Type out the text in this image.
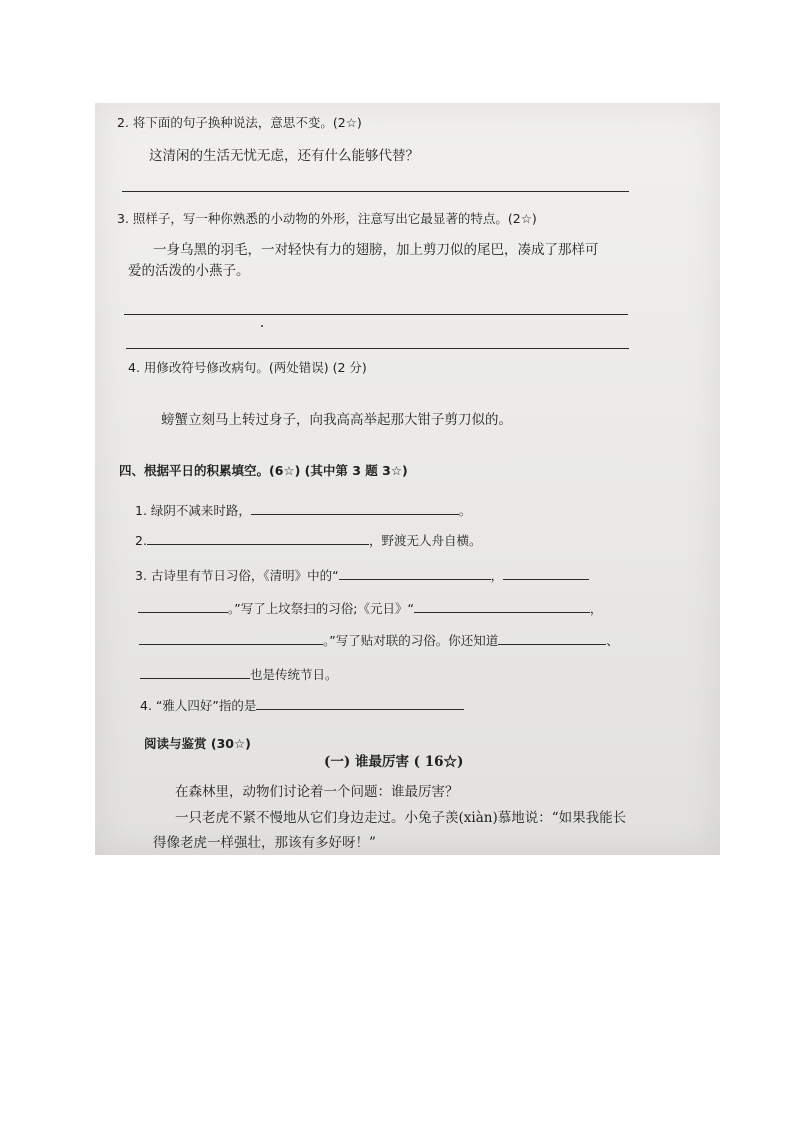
2. 将下面的句子换种说法，意思不变。(2☆)
这清闲的生活无忧无虑，还有什么能够代替？
3. 照样子，写一种你熟悉的小动物的外形，注意写出它最显著的特点。(2☆)
一身乌黑的羽毛，一对轻快有力的翅膀，加上剪刀似的尾巴，凑成了那样可
爱的活泼的小燕子。
4. 用修改符号修改病句。(两处错误) (2 分)
螃蟹立刻马上转过身子，向我高高举起那大钳子剪刀似的。
四、根据平日的积累填空。(6☆) (其中第 3 题 3☆)
1. 绿阴不减来时路，	。
2.	，野渡无人舟自横。
3. 古诗里有节日习俗，《清明》中的“	，
。”写了上坟祭扫的习俗;《元日》“	，
。”写了贴对联的习俗。你还知道	、
也是传统节日。
4. “雅人四好”指的是
阅读与鉴赏 (30☆)
(一) 谁最厉害 ( 16☆)
在森林里，动物们讨论着一个问题：谁最厉害？
一只老虎不紧不慢地从它们身边走过。小兔子羡(xiàn)慕地说：“如果我能长
得像老虎一样强壮，那该有多好呀！”
